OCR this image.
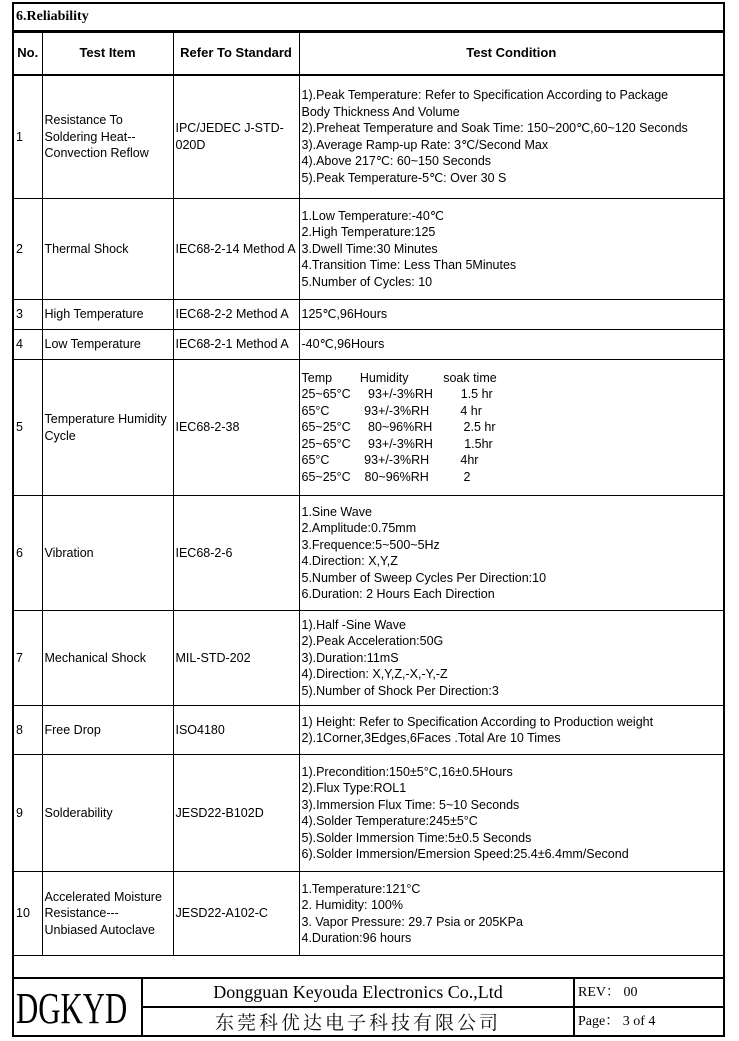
6.Reliability
No.	Test Item	Refer To Standard	Test Condition
1	Resistance To Soldering Heat--Convection Reflow	IPC/JEDEC J-STD-020D	
1).Peak Temperature: Refer to Specification According to Package
Body Thickness And Volume
2).Preheat Temperature and Soak Time: 150~200℃,60~120 Seconds
3).Average Ramp-up Rate: 3℃/Second Max
4).Above 217℃: 60~150 Seconds
5).Peak Temperature-5℃: Over 30 S

2	Thermal Shock	IEC68-2-14 Method A	1.Low Temperature:-40℃
2.High Temperature:125
3.Dwell Time:30 Minutes
4.Transition Time: Less Than 5Minutes
5.Number of Cycles: 10

3	High Temperature	IEC68-2-2 Method A	125℃,96Hours

4	Low Temperature	IEC68-2-1 Method A	-40℃,96Hours

5	Temperature Humidity Cycle	IEC68-2-38	
Temp        Humidity          soak time
25~65°C     93+/-3%RH        1.5 hr
65°C          93+/-3%RH         4 hr
65~25°C     80~96%RH         2.5 hr
25~65°C     93+/-3%RH         1.5hr
65°C          93+/-3%RH         4hr
65~25°C    80~96%RH          2

6	Vibration	IEC68-2-6	
1.Sine Wave
2.Amplitude:0.75mm
3.Frequence:5~500~5Hz
4.Direction: X,Y,Z
5.Number of Sweep Cycles Per Direction:10
6.Duration: 2 Hours Each Direction

7	Mechanical Shock	MIL-STD-202	1).Half -Sine Wave
2).Peak Acceleration:50G
3).Duration:11mS
4).Direction: X,Y,Z,-X,-Y,-Z
5).Number of Shock Per Direction:3

8	Free Drop	ISO4180	1) Height: Refer to Specification According to Production weight
2).1Corner,3Edges,6Faces .Total Are 10 Times

9	Solderability	JESD22-B102D	
1).Precondition:150±5°C,16±0.5Hours
2).Flux Type:ROL1
3).Immersion Flux Time: 5~10 Seconds
4).Solder Temperature:245±5°C
5).Solder Immersion Time:5±0.5 Seconds
6).Solder Immersion/Emersion Speed:25.4±6.4mm/Second

10	Accelerated Moisture Resistance---Unbiased Autoclave	JESD22-A102-C	1.Temperature:121°C
2. Humidity: 100%
3. Vapor Pressure: 29.7 Psia or 205KPa
4.Duration:96 hours
DGKYD	Dongguan Keyouda Electronics Co.,Ltd
东莞科优达电子科技有限公司
REV： 00
Page： 3 of 4
